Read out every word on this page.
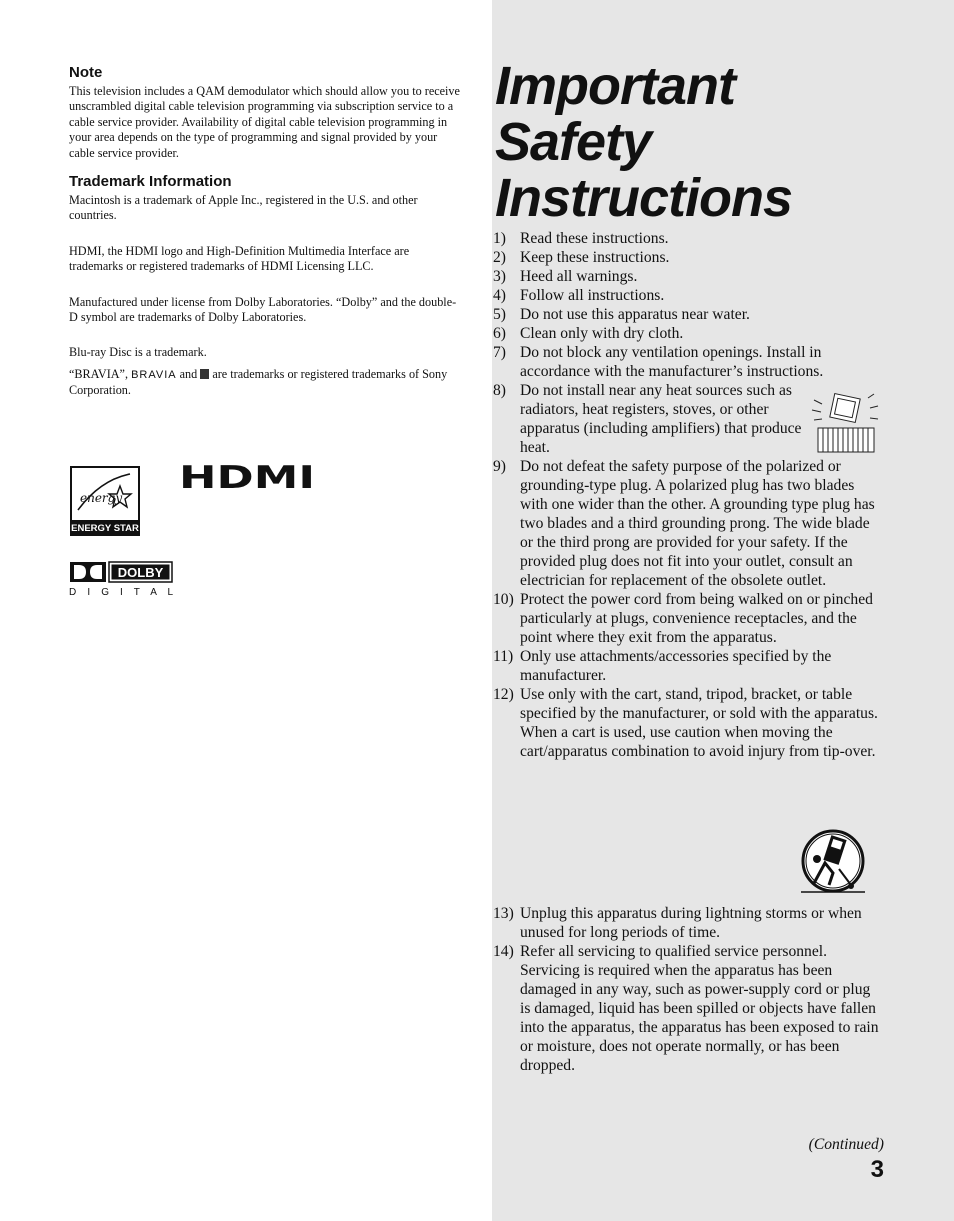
Note

This television includes a QAM demodulator which should allow you to receive unscrambled digital cable television programming via subscription service to a cable service provider. Availability of digital cable television programming in your area depends on the type of programming and signal provided by your cable service provider.

Trademark Information

Macintosh is a trademark of Apple Inc., registered in the U.S. and other countries.

HDMI, the HDMI logo and High-Definition Multimedia Interface are trademarks or registered trademarks of HDMI Licensing LLC.

Manufactured under license from Dolby Laboratories. “Dolby” and the double-D symbol are trademarks of Dolby Laboratories.

Blu-ray Disc is a trademark.

“BRAVIA”, BRAVIA and  are trademarks or registered trademarks of Sony Corporation.

energy
ENERGY STAR
HDMI
DOLBY
D I G I T A L
Important
Safety
Instructions
1) Read these instructions.
2) Keep these instructions.
3) Heed all warnings.
4) Follow all instructions.
5) Do not use this apparatus near water.
6) Clean only with dry cloth.
7) Do not block any ventilation openings. Install in accordance with the manufacturer’s instructions.
8) Do not install near any heat sources such as radiators, heat registers, stoves, or other apparatus (including amplifiers) that produce heat.
9) Do not defeat the safety purpose of the polarized or grounding-type plug. A polarized plug has two blades with one wider than the other. A grounding type plug has two blades and a third grounding prong. The wide blade or the third prong are provided for your safety. If the provided plug does not fit into your outlet, consult an electrician for replacement of the obsolete outlet.
10) Protect the power cord from being walked on or pinched particularly at plugs, convenience receptacles, and the point where they exit from the apparatus.
11) Only use attachments/accessories specified by the manufacturer.
12) Use only with the cart, stand, tripod, bracket, or table specified by the manufacturer, or sold with the apparatus. When a cart is used, use caution when moving the cart/apparatus combination to avoid injury from tip-over.
13) Unplug this apparatus during lightning storms or when unused for long periods of time.
14) Refer all servicing to qualified service personnel. Servicing is required when the apparatus has been damaged in any way, such as power-supply cord or plug is damaged, liquid has been spilled or objects have fallen into the apparatus, the apparatus has been exposed to rain or moisture, does not operate normally, or has been dropped.
(Continued)
3
